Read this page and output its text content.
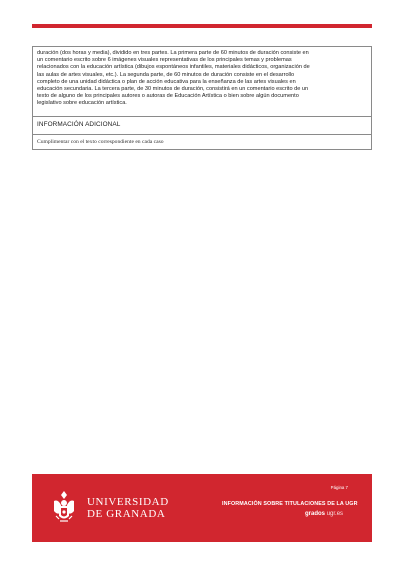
duración (dos horas y media), dividido en tres partes. La primera parte de 60 minutos de duración consiste en
un comentario escrito sobre 6 imágenes visuales representativas de los principales temas y problemas
relacionados con la educación artística (dibujos espontáneos infantiles, materiales didácticos, organización de
las aulas de artes visuales, etc.). La segunda parte, de 60 minutos de duración consiste en el desarrollo
completo de una unidad didáctica o plan de acción educativa para la enseñanza de las artes visuales en
educación secundaria. La tercera parte, de 30 minutos de duración, consistirá en un comentario escrito de un
texto de alguno de los principales autores o autoras de Educación Artística o bien sobre algún documento
legislativo sobre educación artística.
INFORMACIÓN ADICIONAL
Cumplimentar con el texto correspondiente en cada caso
UNIVERSIDAD
DE GRANADA
Página 7
INFORMACIÓN SOBRE TITULACIONES DE LA UGR
grados ugr.es
